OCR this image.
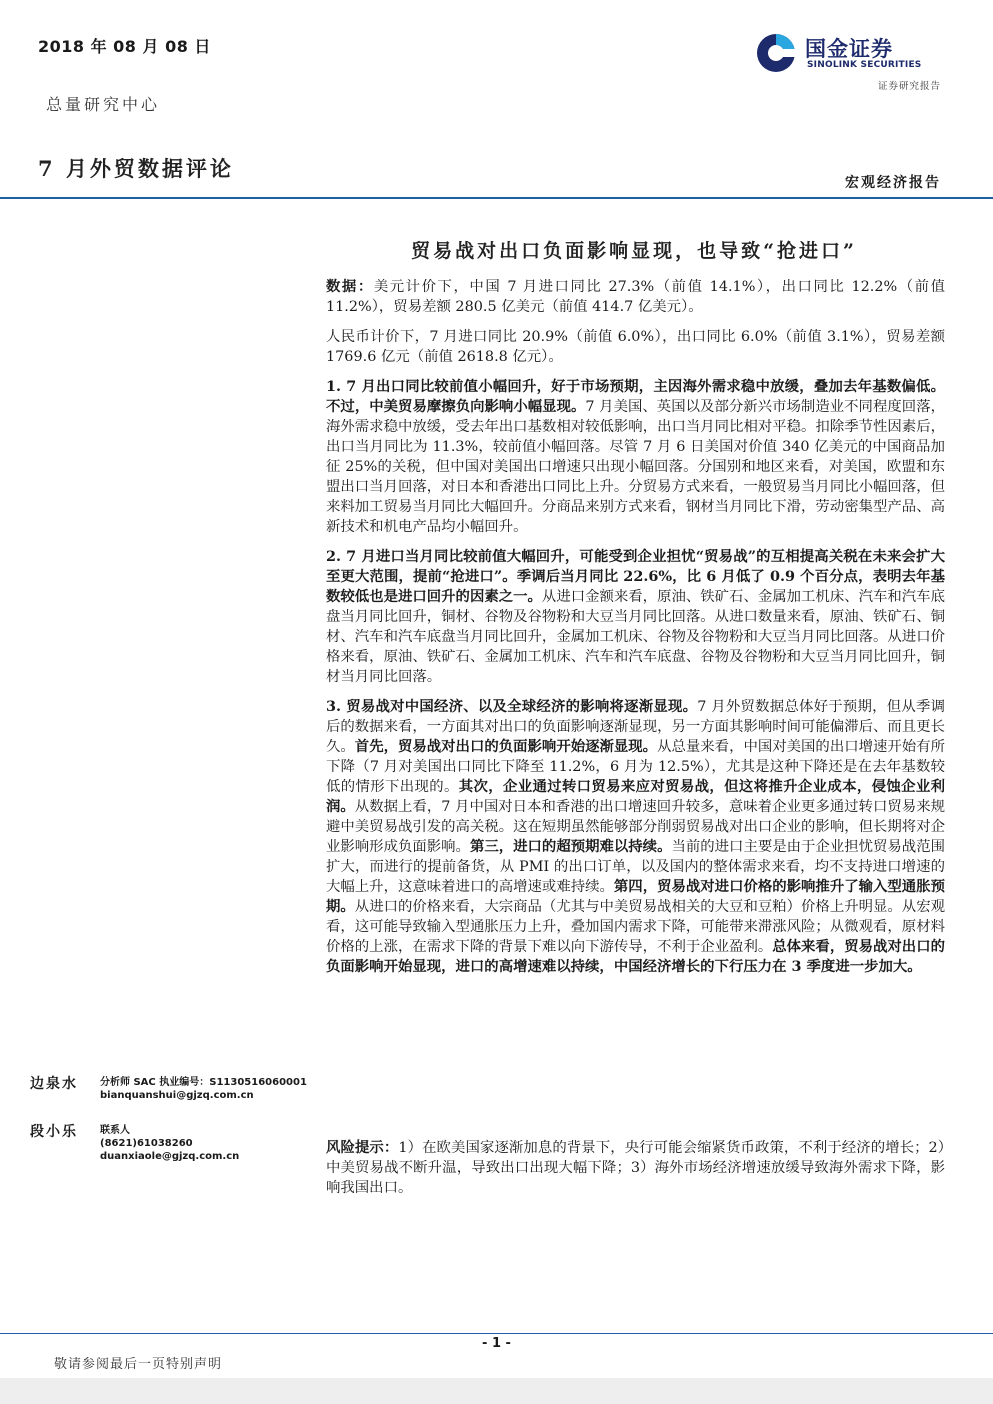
2018 年 08 月 08 日
总量研究中心
7 月外贸数据评论
宏观经济报告
国金证券
SINOLINK SECURITIES
证券研究报告
贸易战对出口负面影响显现，也导致“抢进口”

数据：美元计价下，中国 7 月进口同比 27.3%（前值 14.1%），出口同比 12.2%（前值 11.2%），贸易差额 280.5 亿美元（前值 414.7 亿美元）。

人民币计价下，7 月进口同比 20.9%（前值 6.0%），出口同比 6.0%（前值 3.1%），贸易差额 1769.6 亿元（前值 2618.8 亿元）。

1. 7 月出口同比较前值小幅回升，好于市场预期，主因海外需求稳中放缓，叠加去年基数偏低。不过，中美贸易摩擦负向影响小幅显现。7 月美国、英国以及部分新兴市场制造业不同程度回落，海外需求稳中放缓，受去年出口基数相对较低影响，出口当月同比相对平稳。扣除季节性因素后，出口当月同比为 11.3%，较前值小幅回落。尽管 7 月 6 日美国对价值 340 亿美元的中国商品加征 25%的关税，但中国对美国出口增速只出现小幅回落。分国别和地区来看，对美国，欧盟和东盟出口当月回落，对日本和香港出口同比上升。分贸易方式来看，一般贸易当月同比小幅回落，但来料加工贸易当月同比大幅回升。分商品来别方式来看，钢材当月同比下滑，劳动密集型产品、高新技术和机电产品均小幅回升。

2. 7 月进口当月同比较前值大幅回升，可能受到企业担忧“贸易战”的互相提高关税在未来会扩大至更大范围，提前“抢进口”。季调后当月同比 22.6%，比 6 月低了 0.9 个百分点，表明去年基数较低也是进口回升的因素之一。从进口金额来看，原油、铁矿石、金属加工机床、汽车和汽车底盘当月同比回升，铜材、谷物及谷物粉和大豆当月同比回落。从进口数量来看，原油、铁矿石、铜材、汽车和汽车底盘当月同比回升，金属加工机床、谷物及谷物粉和大豆当月同比回落。从进口价格来看，原油、铁矿石、金属加工机床、汽车和汽车底盘、谷物及谷物粉和大豆当月同比回升，铜材当月同比回落。

3. 贸易战对中国经济、以及全球经济的影响将逐渐显现。7 月外贸数据总体好于预期，但从季调后的数据来看，一方面其对出口的负面影响逐渐显现，另一方面其影响时间可能偏滞后、而且更长久。首先，贸易战对出口的负面影响开始逐渐显现。从总量来看，中国对美国的出口增速开始有所下降（7 月对美国出口同比下降至 11.2%，6 月为 12.5%），尤其是这种下降还是在去年基数较低的情形下出现的。其次，企业通过转口贸易来应对贸易战，但这将推升企业成本，侵蚀企业利润。从数据上看，7 月中国对日本和香港的出口增速回升较多，意味着企业更多通过转口贸易来规避中美贸易战引发的高关税。这在短期虽然能够部分削弱贸易战对出口企业的影响，但长期将对企业影响形成负面影响。第三，进口的超预期难以持续。当前的进口主要是由于企业担忧贸易战范围扩大，而进行的提前备货，从 PMI 的出口订单，以及国内的整体需求来看，均不支持进口增速的大幅上升，这意味着进口的高增速或难持续。第四，贸易战对进口价格的影响推升了输入型通胀预期。从进口的价格来看，大宗商品（尤其与中美贸易战相关的大豆和豆粕）价格上升明显。从宏观看，这可能导致输入型通胀压力上升，叠加国内需求下降，可能带来滞涨风险；从微观看，原材料价格的上涨，在需求下降的背景下难以向下游传导，不利于企业盈利。总体来看，贸易战对出口的负面影响开始显现，进口的高增速难以持续，中国经济增长的下行压力在 3 季度进一步加大。

风险提示：1）在欧美国家逐渐加息的背景下，央行可能会缩紧货币政策，不利于经济的增长；2）中美贸易战不断升温，导致出口出现大幅下降；3）海外市场经济增速放缓导致海外需求下降，影响我国出口。

边泉水 分析师 SAC 执业编号：S1130516060001
bianquanshui@gjzq.com.cn
段小乐 联系人
(8621)61038260
duanxiaole@gjzq.com.cn
- 1 -
敬请参阅最后一页特别声明
